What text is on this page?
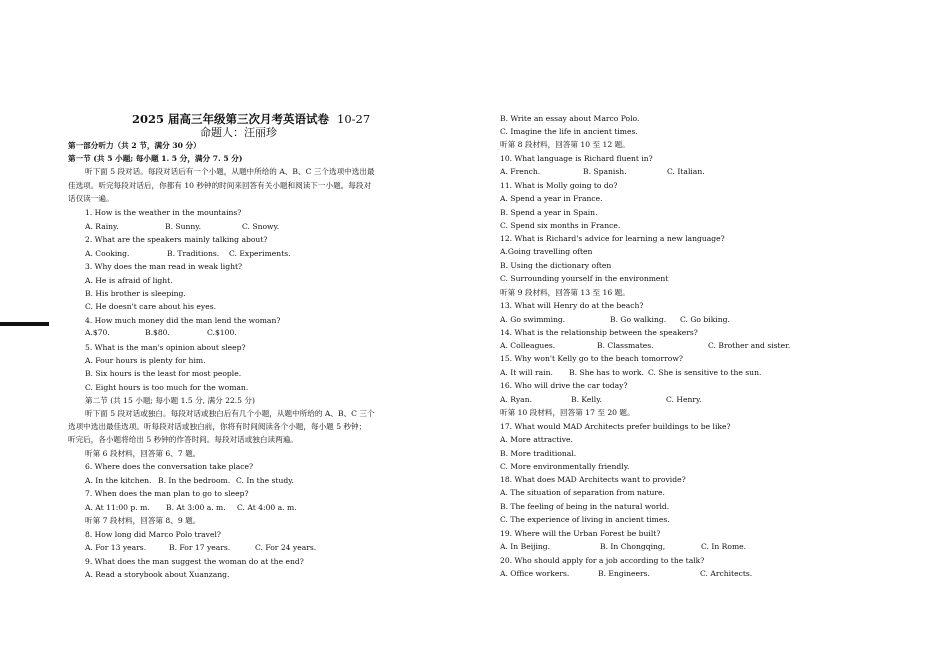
2025 届高三年级第三次月考英语试卷 10-27
命题人：汪丽珍
第一部分听力（共 2 节，满分 30 分）
第一节 (共 5 小题; 每小题 1. 5 分，满分 7. 5 分)
听下面 5 段对话。每段对话后有一个小题，从题中所给的 A、B、C 三个选项中选出最
佳选项。听完每段对话后，你都有 10 秒钟的时间来回答有关小题和阅读下一小题。每段对
话仅读一遍。
1. How is the weather in the mountains?
A. Rainy.	B. Sunny.	C. Snowy.
2. What are the speakers mainly talking about?
A. Cooking.	B. Traditions. C. Experiments.
3. Why does the man read in weak light?
A. He is afraid of light.
B. His brother is sleeping.
C. He doesn't care about his eyes.
4. How much money did the man lend the woman?
A.$70.	B.$80.	C.$100.
5. What is the man's opinion about sleep?
A. Four hours is plenty for him.
B. Six hours is the least for most people.
C. Eight hours is too much for the woman.
第二节 (共 15 小题; 每小题 1.5 分, 满分 22.5 分)
听下面 5 段对话或独白。每段对话或独白后有几个小题，从题中所给的 A、B、C 三个
选项中选出最佳选项。听每段对话或独白前，你将有时间阅读各个小题，每小题 5 秒钟；
听完后，各小题将给出 5 秒钟的作答时间。每段对话或独白读两遍。
听第 6 段材料，回答第 6、7 题。
6. Where does the conversation take place?
A. In the kitchen. B. In the bedroom. C. In the study.
7. When does the man plan to go to sleep?
A. At 11:00 p. m. B. At 3:00 a. m. C. At 4:00 a. m.
听第 7 段材料，回答第 8、9 题。
8. How long did Marco Polo travel?
A. For 13 years.	B. For 17 years.	C. For 24 years.
9. What does the man suggest the woman do at the end?
A. Read a storybook about Xuanzang.
B. Write an essay about Marco Polo.
C. Imagine the life in ancient times.
听第 8 段材料，回答第 10 至 12 题。
10. What language is Richard fluent in?
A. French.	B. Spanish.	C. Italian.
11. What is Molly going to do?
A. Spend a year in France.
B. Spend a year in Spain.
C. Spend six months in France.
12. What is Richard's advice for learning a new language?
A.Going travelling often
B. Using the dictionary often
C. Surrounding yourself in the environment
听第 9 段材料，回答第 13 至 16 题。
13. What will Henry do at the beach?
A. Go swimming.	B. Go walking. C. Go biking.
14. What is the relationship between the speakers?
A. Colleagues.	B. Classmates.	C. Brother and sister.
15. Why won't Kelly go to the beach tomorrow?
A. It will rain. B. She has to work. C. She is sensitive to the sun.
16. Who will drive the car today?
A. Ryan.	B. Kelly.	C. Henry.
听第 10 段材料，回答第 17 至 20 题。
17. What would MAD Architects prefer buildings to be like?
A. More attractive.
B. More traditional.
C. More environmentally friendly.
18. What does MAD Architects want to provide?
A. The situation of separation from nature.
B. The feeling of being in the natural world.
C. The experience of living in ancient times.
19. Where will the Urban Forest be built?
A. In Beijing.	B. In Chongqing,	C. In Rome.
20. Who should apply for a job according to the talk?
A. Office workers.	B. Engineers.	C. Architects.
